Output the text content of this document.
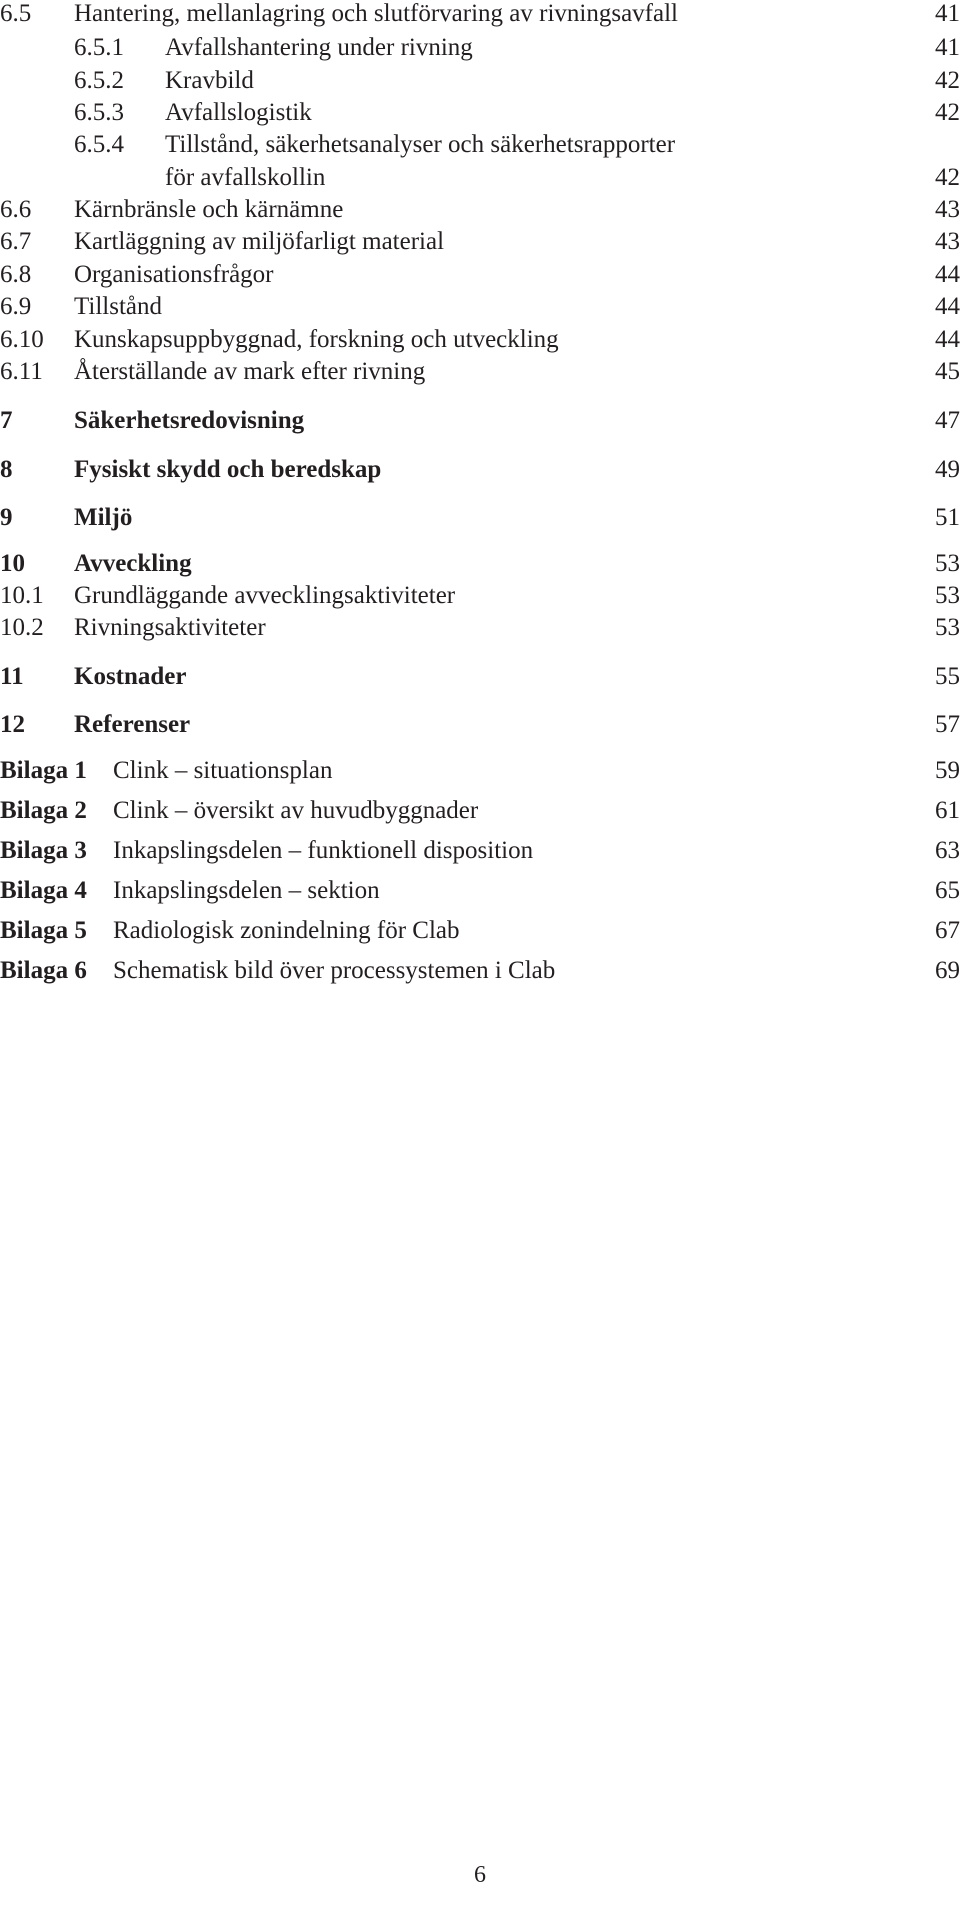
6.5 Hantering, mellanlagring och slutförvaring av rivningsavfall	41
6.5.1 Avfallshantering under rivning	41
6.5.2 Kravbild	42
6.5.3 Avfallslogistik	42
6.5.4 Tillstånd, säkerhetsanalyser och säkerhetsrapporter
för avfallskollin	42
6.6 Kärnbränsle och kärnämne	43
6.7 Kartläggning av miljöfarligt material	43
6.8 Organisationsfrågor	44
6.9 Tillstånd	44
6.10 Kunskapsuppbyggnad, forskning och utveckling	44
6.11 Återställande av mark efter rivning	45
7 Säkerhetsredovisning	47
8 Fysiskt skydd och beredskap	49
9 Miljö	51
10 Avveckling	53
10.1 Grundläggande avvecklingsaktiviteter	53
10.2 Rivningsaktiviteter	53
11 Kostnader	55
12 Referenser	57
Bilaga 1 Clink – situationsplan	59
Bilaga 2 Clink – översikt av huvudbyggnader	61
Bilaga 3 Inkapslingsdelen – funktionell disposition	63
Bilaga 4 Inkapslingsdelen – sektion	65
Bilaga 5 Radiologisk zonindelning för Clab	67
Bilaga 6 Schematisk bild över processystemen i Clab	69
6
